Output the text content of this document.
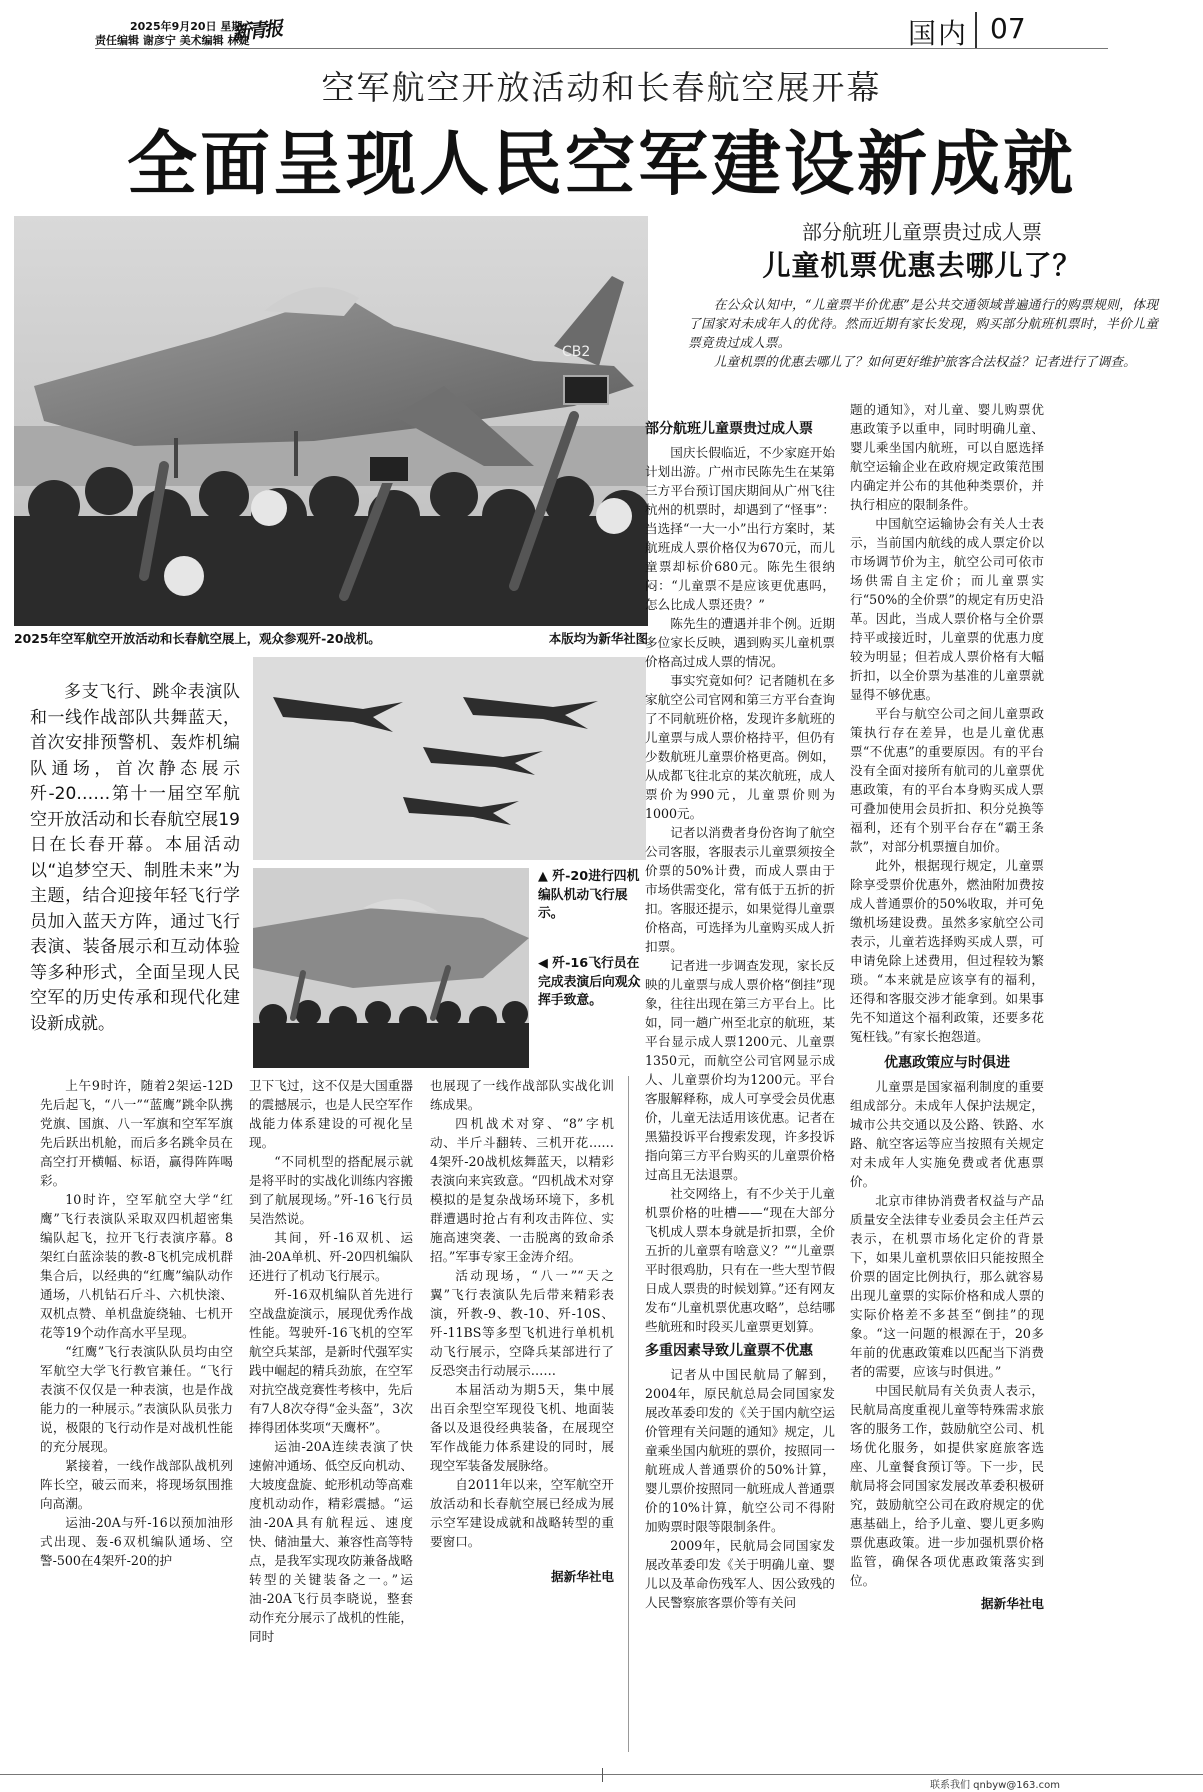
2025年9月20日 星期六
责任编辑 谢彦宁 美术编辑 林婕
新青报	国内 07
空军航空开放活动和长春航空展开幕
全面呈现人民空军建设新成就
CB2
2025年空军航空开放活动和长春航空展上，观众参观歼-20战机。	本版均为新华社图
多支飞行、跳伞表演队和一线作战部队共舞蓝天，首次安排预警机、轰炸机编队通场，首次静态展示歼-20……第十一届空军航空开放活动和长春航空展19日在长春开幕。本届活动以“追梦空天、制胜未来”为主题，结合迎接年轻飞行学员加入蓝天方阵，通过飞行表演、装备展示和互动体验等多种形式，全面呈现人民空军的历史传承和现代化建设新成就。
▲ 歼-20进行四机编队机动飞行展示。
◀ 歼-16飞行员在完成表演后向观众挥手致意。

上午9时许，随着2架运-12D先后起飞，“八一”“蓝鹰”跳伞队携党旗、国旗、八一军旗和空军军旗先后跃出机舱，而后多名跳伞员在高空打开横幅、标语，赢得阵阵喝彩。

10时许，空军航空大学“红鹰”飞行表演队采取双四机超密集编队起飞，拉开飞行表演序幕。8架红白蓝涂装的教-8飞机完成机群集合后，以经典的“红鹰”编队动作通场，八机钻石斤斗、六机快滚、双机点赞、单机盘旋绕轴、七机开花等19个动作高水平呈现。

“红鹰”飞行表演队队员均由空军航空大学飞行教官兼任。“飞行表演不仅仅是一种表演，也是作战能力的一种展示。”表演队队员张力说，极限的飞行动作是对战机性能的充分展现。

紧接着，一线作战部队战机列阵长空，破云而来，将现场氛围推向高潮。

运油-20A与歼-16以预加油形式出现、轰-6双机编队通场、空警-500在4架歼-20的护

卫下飞过，这不仅是大国重器的震撼展示，也是人民空军作战能力体系建设的可视化呈现。

“不同机型的搭配展示就是将平时的实战化训练内容搬到了航展现场。”歼-16飞行员吴浩然说。

其间，歼-16双机、运油-20A单机、歼-20四机编队还进行了机动飞行展示。

歼-16双机编队首先进行空战盘旋演示，展现优秀作战性能。驾驶歼-16飞机的空军航空兵某部，是新时代强军实践中崛起的精兵劲旅，在空军对抗空战竞赛性考核中，先后有7人8次夺得“金头盔”，3次捧得团体奖项“天鹰杯”。

运油-20A连续表演了快速俯冲通场、低空反向机动、大坡度盘旋、蛇形机动等高难度机动动作，精彩震撼。“运油-20A具有航程远、速度快、储油量大、兼容性高等特点，是我军实现攻防兼备战略转型的关键装备之一。”运油-20A飞行员李晓说，整套动作充分展示了战机的性能，同时

也展现了一线作战部队实战化训练成果。

四机战术对穿、“8”字机动、半斤斗翻转、三机开花……4架歼-20战机炫舞蓝天，以精彩表演向来宾致意。“四机战术对穿模拟的是复杂战场环境下，多机群遭遇时抢占有利攻击阵位、实施高速突袭、一击脱离的致命杀招。”军事专家王金涛介绍。

活动现场，“八一”“天之翼”飞行表演队先后带来精彩表演，歼教-9、教-10、歼-10S、歼-11BS等多型飞机进行单机机动飞行展示，空降兵某部进行了反恐突击行动展示……

本届活动为期5天，集中展出百余型空军现役飞机、地面装备以及退役经典装备，在展现空军作战能力体系建设的同时，展现空军装备发展脉络。

自2011年以来，空军航空开放活动和长春航空展已经成为展示空军建设成就和战略转型的重要窗口。

据新华社电
部分航班儿童票贵过成人票
儿童机票优惠去哪儿了？

在公众认知中，“儿童票半价优惠”是公共交通领域普遍通行的购票规则，体现了国家对未成年人的优待。然而近期有家长发现，购买部分航班机票时，半价儿童票竟贵过成人票。

儿童机票的优惠去哪儿了？如何更好维护旅客合法权益？记者进行了调查。

部分航班儿童票贵过成人票

国庆长假临近，不少家庭开始计划出游。广州市民陈先生在某第三方平台预订国庆期间从广州飞往杭州的机票时，却遇到了“怪事”：当选择“一大一小”出行方案时，某航班成人票价格仅为670元，而儿童票却标价680元。陈先生很纳闷：“儿童票不是应该更优惠吗，怎么比成人票还贵？”

陈先生的遭遇并非个例。近期多位家长反映，遇到购买儿童机票价格高过成人票的情况。

事实究竟如何？记者随机在多家航空公司官网和第三方平台查询了不同航班价格，发现许多航班的儿童票与成人票价格持平，但仍有少数航班儿童票价格更高。例如，从成都飞往北京的某次航班，成人票价为990元，儿童票价则为1000元。

记者以消费者身份咨询了航空公司客服，客服表示儿童票须按全价票的50%计费，而成人票由于市场供需变化，常有低于五折的折扣。客服还提示，如果觉得儿童票价格高，可选择为儿童购买成人折扣票。

记者进一步调查发现，家长反映的儿童票与成人票价格“倒挂”现象，往往出现在第三方平台上。比如，同一趟广州至北京的航班，某平台显示成人票1200元、儿童票1350元，而航空公司官网显示成人、儿童票价均为1200元。平台客服解释称，成人可享受会员优惠价，儿童无法适用该优惠。记者在黑猫投诉平台搜索发现，许多投诉指向第三方平台购买的儿童票价格过高且无法退票。

社交网络上，有不少关于儿童机票价格的吐槽——“现在大部分飞机成人票本身就是折扣票，全价五折的儿童票有啥意义？”“儿童票平时很鸡肋，只有在一些大型节假日成人票贵的时候划算。”还有网友发布“儿童机票优惠攻略”，总结哪些航班和时段买儿童票更划算。

多重因素导致儿童票不优惠

记者从中国民航局了解到，2004年，原民航总局会同国家发展改革委印发的《关于国内航空运价管理有关问题的通知》规定，儿童乘坐国内航班的票价，按照同一航班成人普通票价的50%计算，婴儿票价按照同一航班成人普通票价的10%计算，航空公司不得附加购票时限等限制条件。

2009年，民航局会同国家发展改革委印发《关于明确儿童、婴儿以及革命伤残军人、因公致残的人民警察旅客票价等有关问

题的通知》，对儿童、婴儿购票优惠政策予以重申，同时明确儿童、婴儿乘坐国内航班，可以自愿选择航空运输企业在政府规定政策范围内确定并公布的其他种类票价，并执行相应的限制条件。

中国航空运输协会有关人士表示，当前国内航线的成人票定价以市场调节价为主，航空公司可依市场供需自主定价；而儿童票实行“50%的全价票”的规定有历史沿革。因此，当成人票价格与全价票持平或接近时，儿童票的优惠力度较为明显；但若成人票价格有大幅折扣，以全价票为基准的儿童票就显得不够优惠。

平台与航空公司之间儿童票政策执行存在差异，也是儿童优惠票“不优惠”的重要原因。有的平台没有全面对接所有航司的儿童票优惠政策，有的平台本身购买成人票可叠加使用会员折扣、积分兑换等福利，还有个别平台存在“霸王条款”，对部分机票擅自加价。

此外，根据现行规定，儿童票除享受票价优惠外，燃油附加费按成人普通票价的50%收取，并可免缴机场建设费。虽然多家航空公司表示，儿童若选择购买成人票，可申请免除上述费用，但过程较为繁琐。“本来就是应该享有的福利，还得和客服交涉才能拿到。如果事先不知道这个福利政策，还要多花冤枉钱。”有家长抱怨道。

优惠政策应与时俱进

儿童票是国家福利制度的重要组成部分。未成年人保护法规定，城市公共交通以及公路、铁路、水路、航空客运等应当按照有关规定对未成年人实施免费或者优惠票价。

北京市律协消费者权益与产品质量安全法律专业委员会主任芦云表示，在机票市场化定价的背景下，如果儿童机票依旧只能按照全价票的固定比例执行，那么就容易出现儿童票的实际价格和成人票的实际价格差不多甚至“倒挂”的现象。“这一问题的根源在于，20多年前的优惠政策难以匹配当下消费者的需要，应该与时俱进。”

中国民航局有关负责人表示，民航局高度重视儿童等特殊需求旅客的服务工作，鼓励航空公司、机场优化服务，如提供家庭旅客选座、儿童餐食预订等。下一步，民航局将会同国家发展改革委积极研究，鼓励航空公司在政府规定的优惠基础上，给予儿童、婴儿更多购票优惠政策。进一步加强机票价格监管，确保各项优惠政策落实到位。

据新华社电
联系我们 qnbyw@163.com
